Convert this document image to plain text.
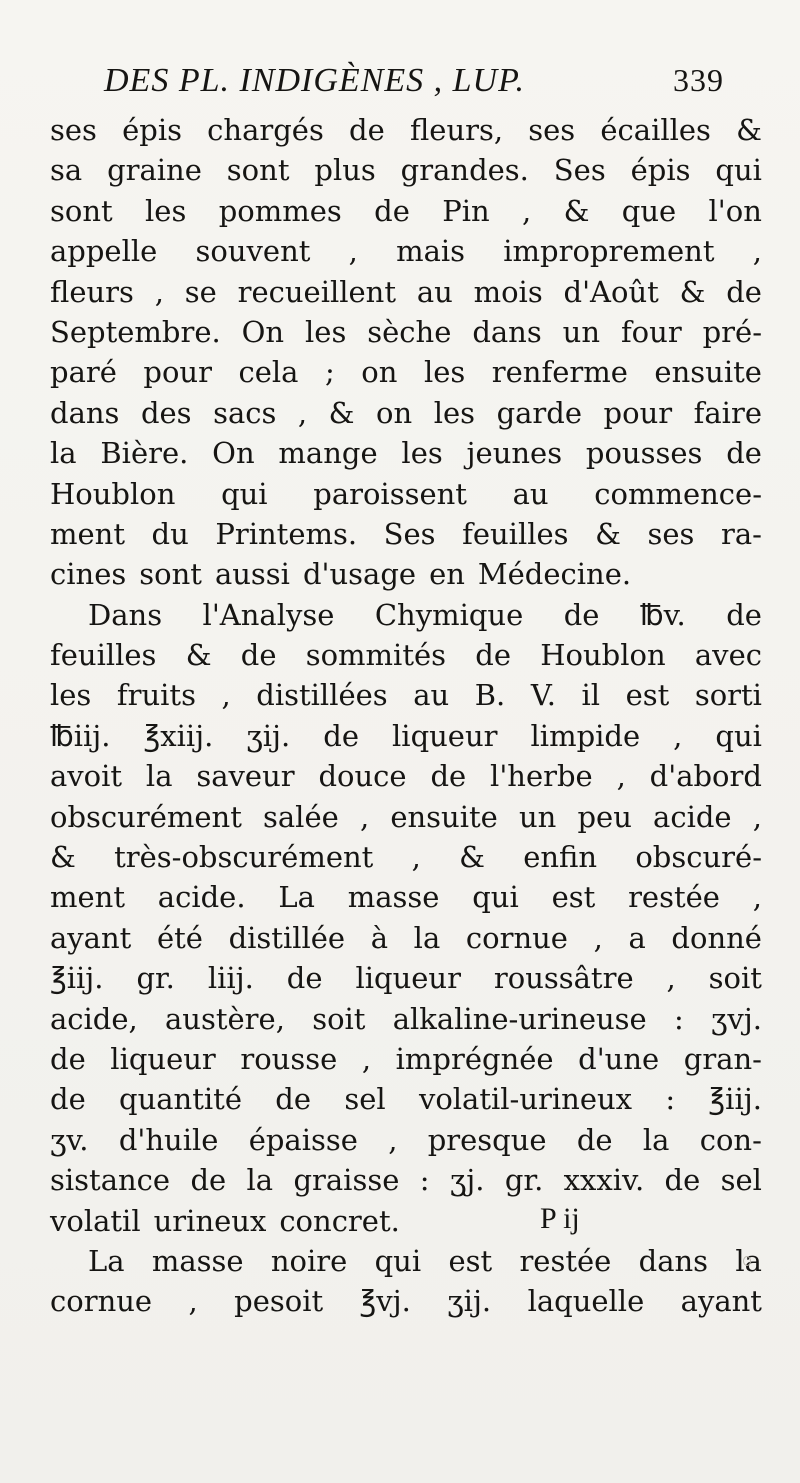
DES PL. INDIGÈNES , LUP.	339
ses épis chargés de fleurs, ses écailles &
sa graine sont plus grandes. Ses épis qui
sont les pommes de Pin , & que l'on
appelle souvent , mais improprement ,
fleurs , se recueillent au mois d'Août & de
Septembre. On les sèche dans un four pré-
paré pour cela ; on les renferme ensuite
dans des sacs , & on les garde pour faire
la Bière. On mange les jeunes pousses de
Houblon qui paroissent au commence-
ment du Printems. Ses feuilles & ses ra-
cines sont aussi d'usage en Médecine.
Dans l'Analyse Chymique de ℔v. de
feuilles & de sommités de Houblon avec
les fruits , distillées au B. V. il est sorti
℔iij. ℥xiij. ʒij. de liqueur limpide , qui
avoit la saveur douce de l'herbe , d'abord
obscurément salée , ensuite un peu acide ,
& très-obscurément , & enfin obscuré-
ment acide. La masse qui est restée ,
ayant été distillée à la cornue , a donné
℥iij. gr. liij. de liqueur roussâtre , soit
acide, austère, soit alkaline-urineuse : ʒvj.
de liqueur rousse , imprégnée d'une gran-
de quantité de sel volatil-urineux : ℥iij.
ʒv. d'huile épaisse , presque de la con-
sistance de la graisse : ʒj. gr. xxxiv. de sel
volatil urineux concret.
La masse noire qui est restée dans la
cornue , pesoit ℥vj. ʒij. laquelle ayant
P ij
